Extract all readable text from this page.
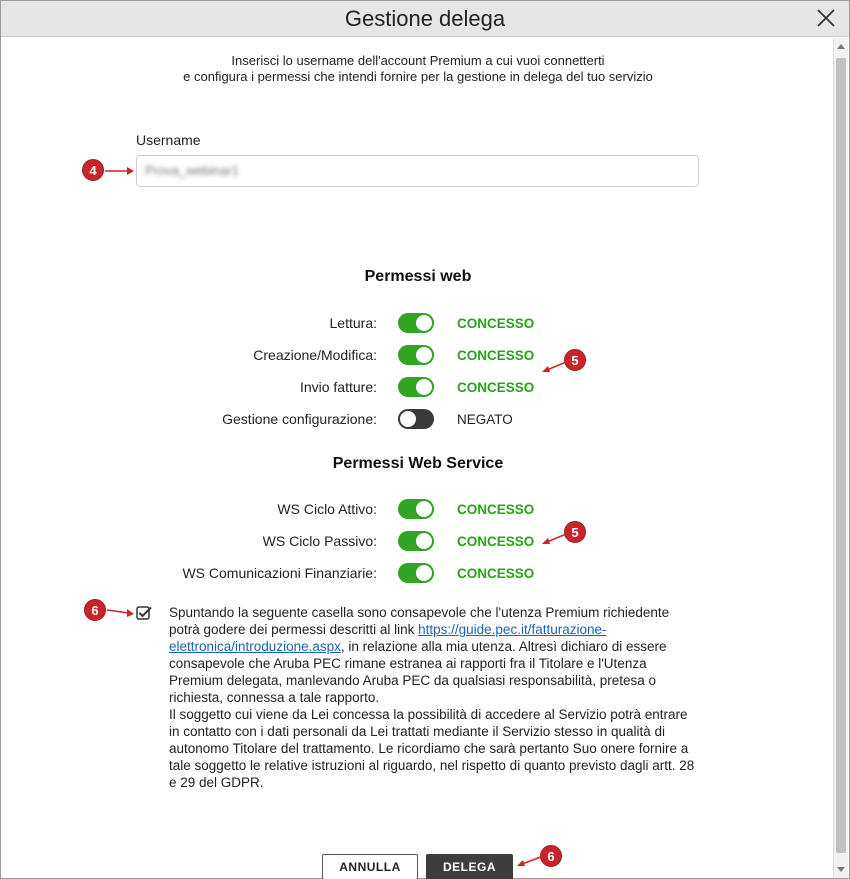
Gestione delega
Inserisci lo username dell'account Premium a cui vuoi connetterti
e configura i permessi che intendi fornire per la gestione in delega del tuo servizio
Username
Prova_webinar1
4
Permessi web
Lettura:	CONCESSO
Creazione/Modifica:	CONCESSO
Invio fatture:	CONCESSO
Gestione configurazione:	NEGATO
5
Permessi Web Service
WS Ciclo Attivo:	CONCESSO
WS Ciclo Passivo:	CONCESSO
WS Comunicazioni Finanziarie:	CONCESSO
5
6	Spuntando la seguente casella sono consapevole che l'utenza Premium richiedente potrà godere dei permessi descritti al link https://guide.pec.it/fatturazione-elettronica/introduzione.aspx, in relazione alla mia utenza. Altresì dichiaro di essere consapevole che Aruba PEC rimane estranea ai rapporti fra il Titolare e l'Utenza Premium delegata, manlevando Aruba PEC da qualsiasi responsabilità, pretesa o richiesta, connessa a tale rapporto.
Il soggetto cui viene da Lei concessa la possibilità di accedere al Servizio potrà entrare in contatto con i dati personali da Lei trattati mediante il Servizio stesso in qualità di autonomo Titolare del trattamento. Le ricordiamo che sarà pertanto Suo onere fornire a tale soggetto le relative istruzioni al riguardo, nel rispetto di quanto previsto dagli artt. 28 e 29 del GDPR.
ANNULLA	DELEGA
6
